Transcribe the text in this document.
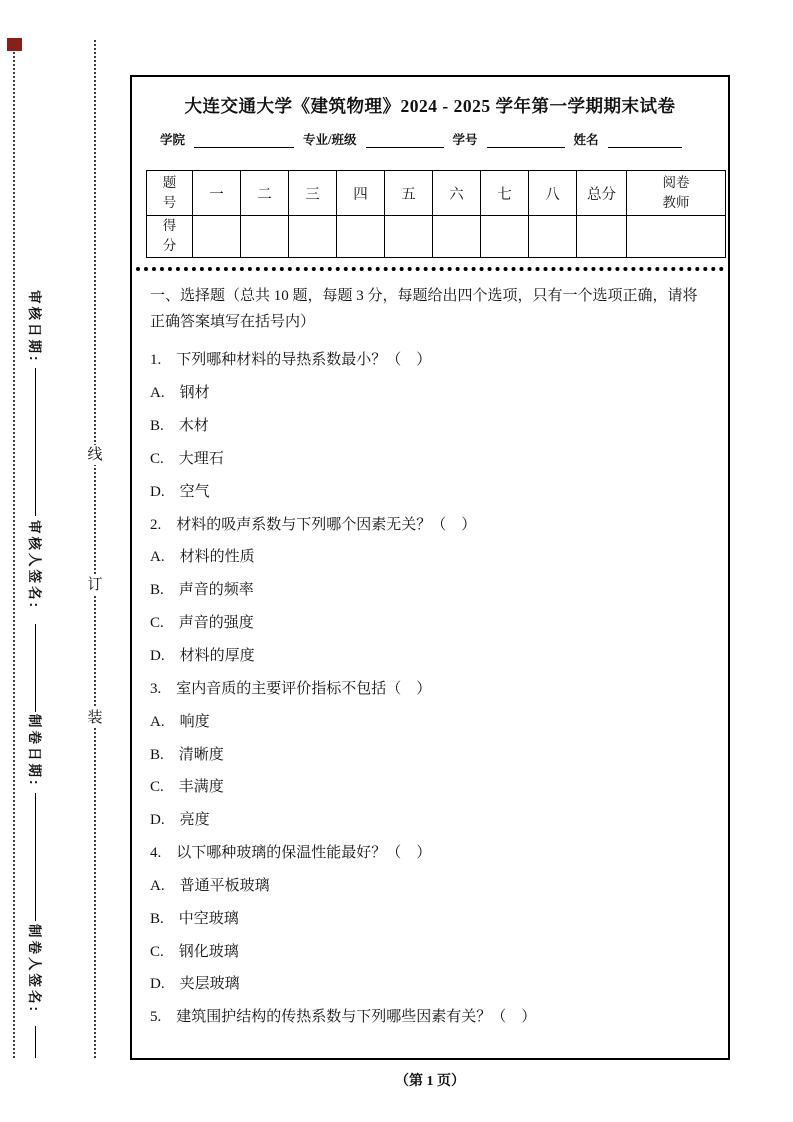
审核日期:
审核人签名:
制卷日期:
制卷人签名:
线
订
装
大连交通大学《建筑物理》2024 - 2025 学年第一学期期末试卷
学院	专业/班级	学号	姓名
题号	一	二	三	四	五	六	七	八	总分	阅卷教师
得分										

一、选择题（总共 10 题，每题 3 分，每题给出四个选项，只有一个选项正确，请将正确答案填写在括号内）

1.　下列哪种材料的导热系数最小？（　）
A.　钢材
B.　木材
C.　大理石
D.　空气
2.　材料的吸声系数与下列哪个因素无关？（　）
A.　材料的性质
B.　声音的频率
C.　声音的强度
D.　材料的厚度
3.　室内音质的主要评价指标不包括（　）
A.　响度
B.　清晰度
C.　丰满度
D.　亮度
4.　以下哪种玻璃的保温性能最好？（　）
A.　普通平板玻璃
B.　中空玻璃
C.　钢化玻璃
D.　夹层玻璃
5.　建筑围护结构的传热系数与下列哪些因素有关？（　）
（第 1 页）
